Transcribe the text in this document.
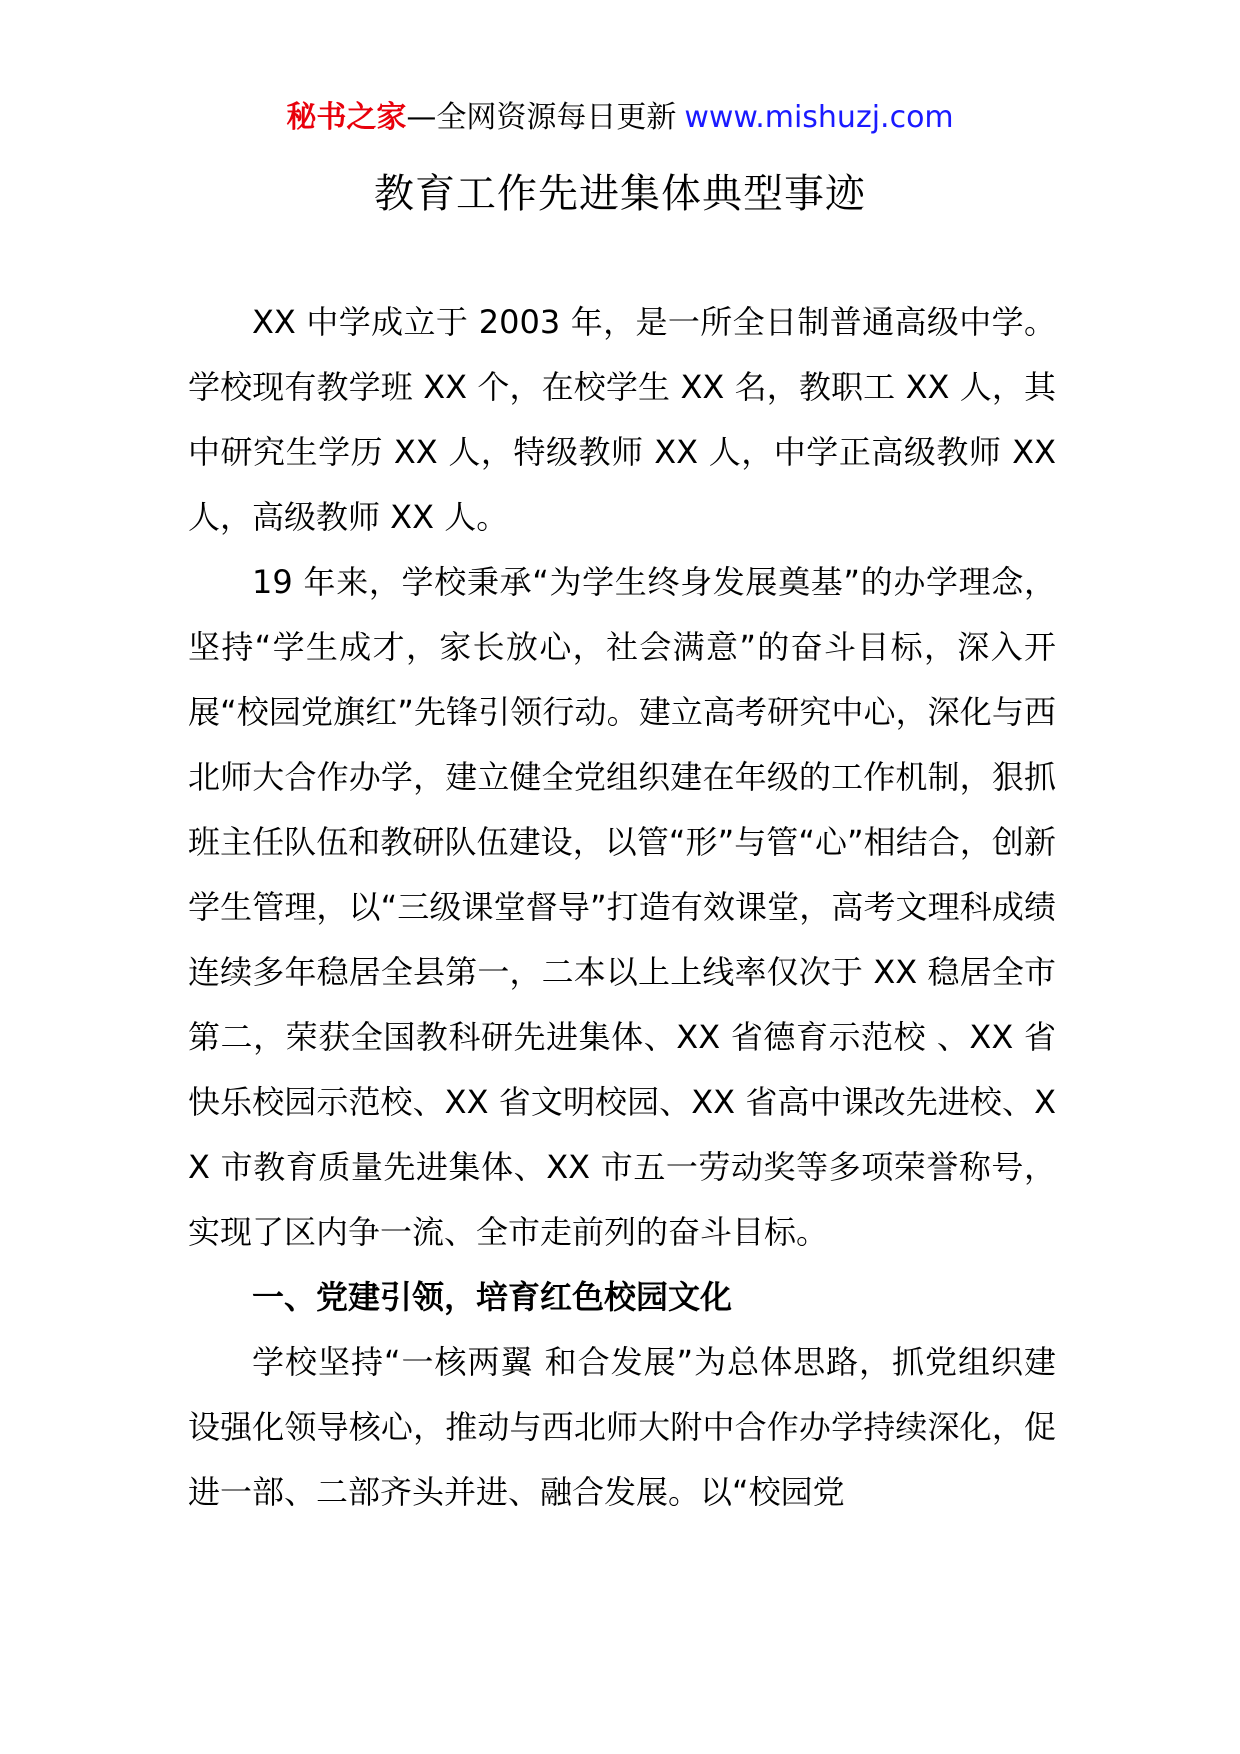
秘书之家—全网资源每日更新 www.mishuzj.com
教育工作先进集体典型事迹

XX 中学成立于 2003 年，是一所全日制普通高级中学。学校现有教学班 XX 个，在校学生 XX 名，教职工 XX 人，其中研究生学历 XX 人，特级教师 XX 人，中学正高级教师 XX 人，高级教师 XX 人。

19 年来，学校秉承“为学生终身发展奠基”的办学理念，坚持“学生成才，家长放心，社会满意”的奋斗目标，深入开展“校园党旗红”先锋引领行动。建立高考研究中心，深化与西北师大合作办学，建立健全党组织建在年级的工作机制，狠抓班主任队伍和教研队伍建设，以管“形”与管“心”相结合，创新学生管理，以“三级课堂督导”打造有效课堂，高考文理科成绩连续多年稳居全县第一，二本以上上线率仅次于 XX 稳居全市第二，荣获全国教科研先进集体、XX 省德育示范校 、XX 省快乐校园示范校、XX 省文明校园、XX 省高中课改先进校、XX 市教育质量先进集体、XX 市五一劳动奖等多项荣誉称号，实现了区内争一流、全市走前列的奋斗目标。

一、党建引领，培育红色校园文化

学校坚持“一核两翼 和合发展”为总体思路，抓党组织建设强化领导核心，推动与西北师大附中合作办学持续深化，促进一部、二部齐头并进、融合发展。以“校园党
